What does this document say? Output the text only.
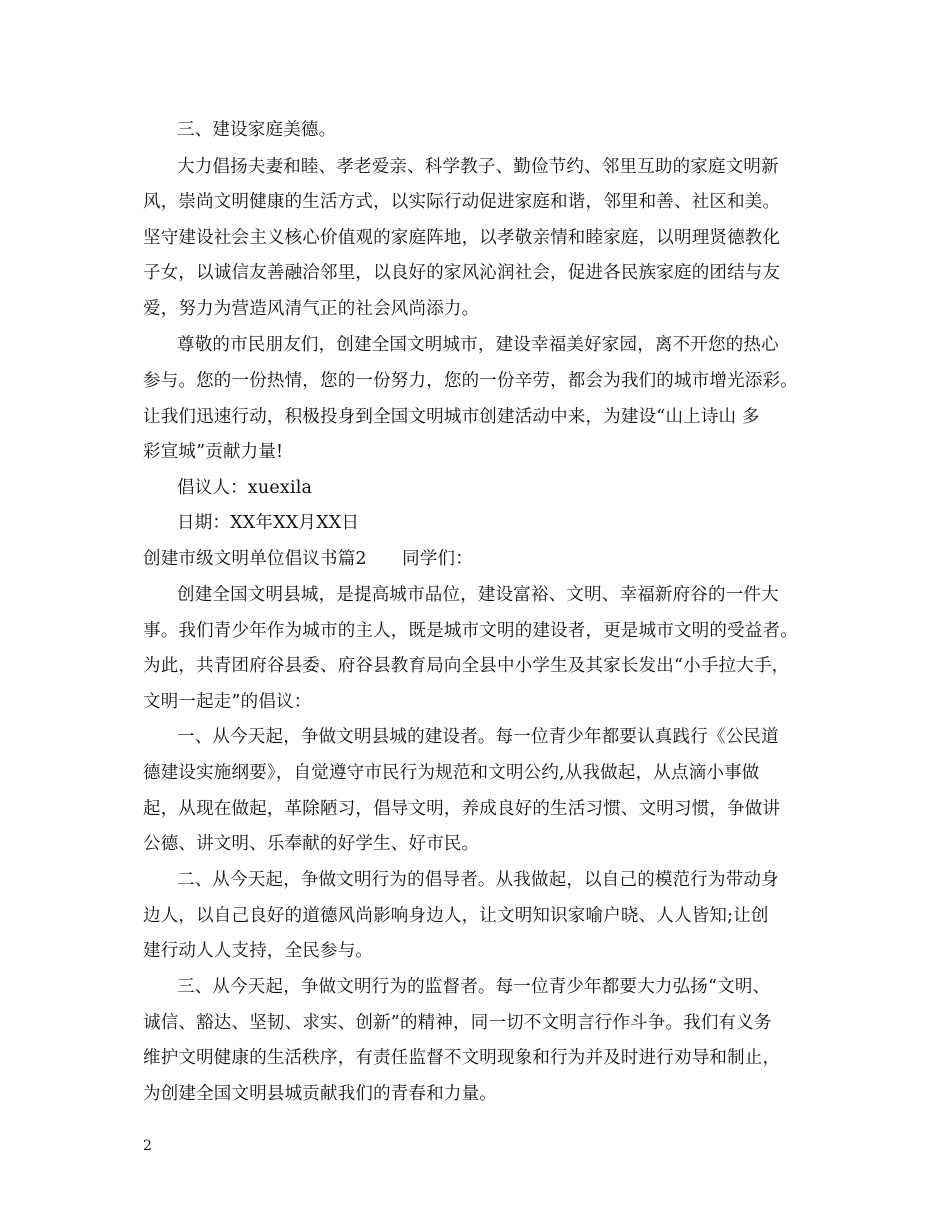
三、建设家庭美德。
大力倡扬夫妻和睦、孝老爱亲、科学教子、勤俭节约、邻里互助的家庭文明新
风，崇尚文明健康的生活方式，以实际行动促进家庭和谐，邻里和善、社区和美。
坚守建设社会主义核心价值观的家庭阵地，以孝敬亲情和睦家庭，以明理贤德教化
子女，以诚信友善融洽邻里，以良好的家风沁润社会，促进各民族家庭的团结与友
爱，努力为营造风清气正的社会风尚添力。
尊敬的市民朋友们，创建全国文明城市，建设幸福美好家园，离不开您的热心
参与。您的一份热情，您的一份努力，您的一份辛劳，都会为我们的城市增光添彩。
让我们迅速行动，积极投身到全国文明城市创建活动中来，为建设“山上诗山 多
彩宣城”贡献力量!
倡议人：xuexila
日期：XX年XX月XX日
创建市级文明单位倡议书篇2　　同学们：
创建全国文明县城，是提高城市品位，建设富裕、文明、幸福新府谷的一件大
事。我们青少年作为城市的主人，既是城市文明的建设者，更是城市文明的受益者。
为此，共青团府谷县委、府谷县教育局向全县中小学生及其家长发出“小手拉大手，
文明一起走”的倡议：
一、从今天起，争做文明县城的建设者。每一位青少年都要认真践行《公民道
德建设实施纲要》，自觉遵守市民行为规范和文明公约,从我做起，从点滴小事做
起，从现在做起，革除陋习，倡导文明，养成良好的生活习惯、文明习惯，争做讲
公德、讲文明、乐奉献的好学生、好市民。
二、从今天起，争做文明行为的倡导者。从我做起，以自己的模范行为带动身
边人，以自己良好的道德风尚影响身边人，让文明知识家喻户晓、人人皆知;让创
建行动人人支持，全民参与。
三、从今天起，争做文明行为的监督者。每一位青少年都要大力弘扬“文明、
诚信、豁达、坚韧、求实、创新”的精神，同一切不文明言行作斗争。我们有义务
维护文明健康的生活秩序，有责任监督不文明现象和行为并及时进行劝导和制止，
为创建全国文明县城贡献我们的青春和力量。
2
